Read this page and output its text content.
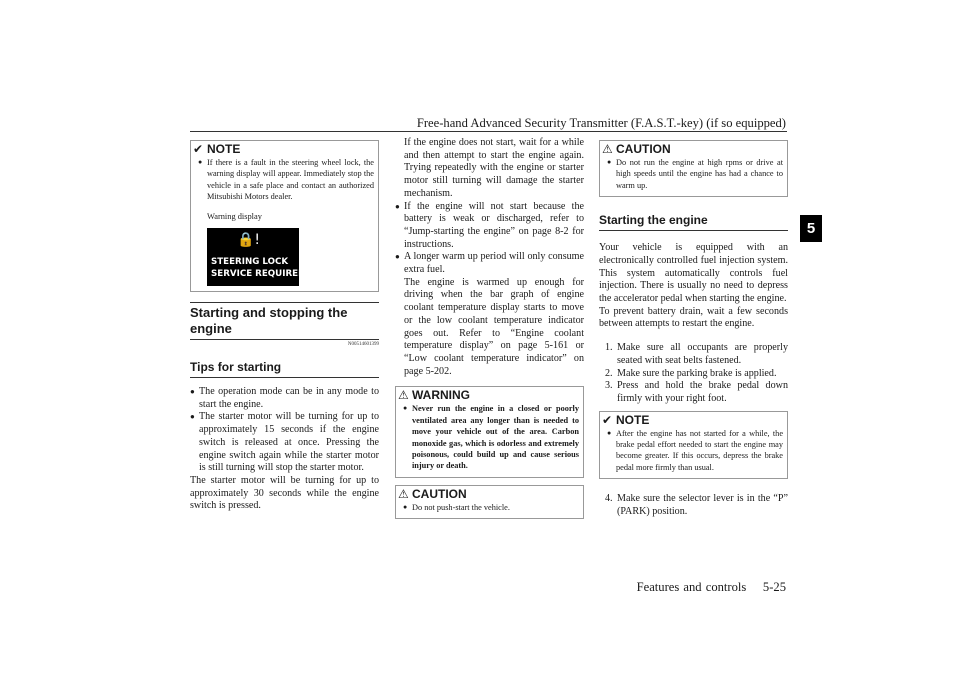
Free-hand Advanced Security Transmitter (F.A.S.T.-key) (if so equipped)
5
✔ NOTE
● If there is a fault in the steering wheel lock, the warning display will appear. Immediately stop the vehicle in a safe place and contact an authorized Mitsubishi Motors dealer.
Warning display
🔒!
STEERING LOCK
SERVICE REQUIRED
Starting and stopping the engine
N00514601399
Tips for starting
● The operation mode can be in any mode to start the engine.
● The starter motor will be turning for up to approximately 15 seconds if the engine switch is released at once. Pressing the engine switch again while the starter motor is still turning will stop the starter motor.
The starter motor will be turning for up to approximately 30 seconds while the engine switch is pressed.
If the engine does not start, wait for a while and then attempt to start the engine again. Trying repeatedly with the engine or starter motor still turning will damage the starter mechanism.
● If the engine will not start because the battery is weak or discharged, refer to “Jump-starting the engine” on page 8-2 for instructions.
● A longer warm up period will only consume extra fuel.
The engine is warmed up enough for driving when the bar graph of engine coolant temperature display starts to move or the low coolant temperature indicator goes out. Refer to “Engine coolant temperature display” on page 5-161 or “Low coolant temperature indicator” on page 5-202.
⚠ WARNING
● Never run the engine in a closed or poorly ventilated area any longer than is needed to move your vehicle out of the area. Carbon monoxide gas, which is odorless and extremely poisonous, could build up and cause serious injury or death.
⚠ CAUTION
● Do not push-start the vehicle.
⚠ CAUTION
● Do not run the engine at high rpms or drive at high speeds until the engine has had a chance to warm up.
Starting the engine
Your vehicle is equipped with an electronically controlled fuel injection system. This system automatically controls fuel injection. There is usually no need to depress the accelerator pedal when starting the engine.
To prevent battery drain, wait a few seconds between attempts to restart the engine.
1. Make sure all occupants are properly seated with seat belts fastened.
2. Make sure the parking brake is applied.
3. Press and hold the brake pedal down firmly with your right foot.
✔ NOTE
● After the engine has not started for a while, the brake pedal effort needed to start the engine may become greater. If this occurs, depress the brake pedal more firmly than usual.
4. Make sure the selector lever is in the “P” (PARK) position.
Features and controls 5-25
